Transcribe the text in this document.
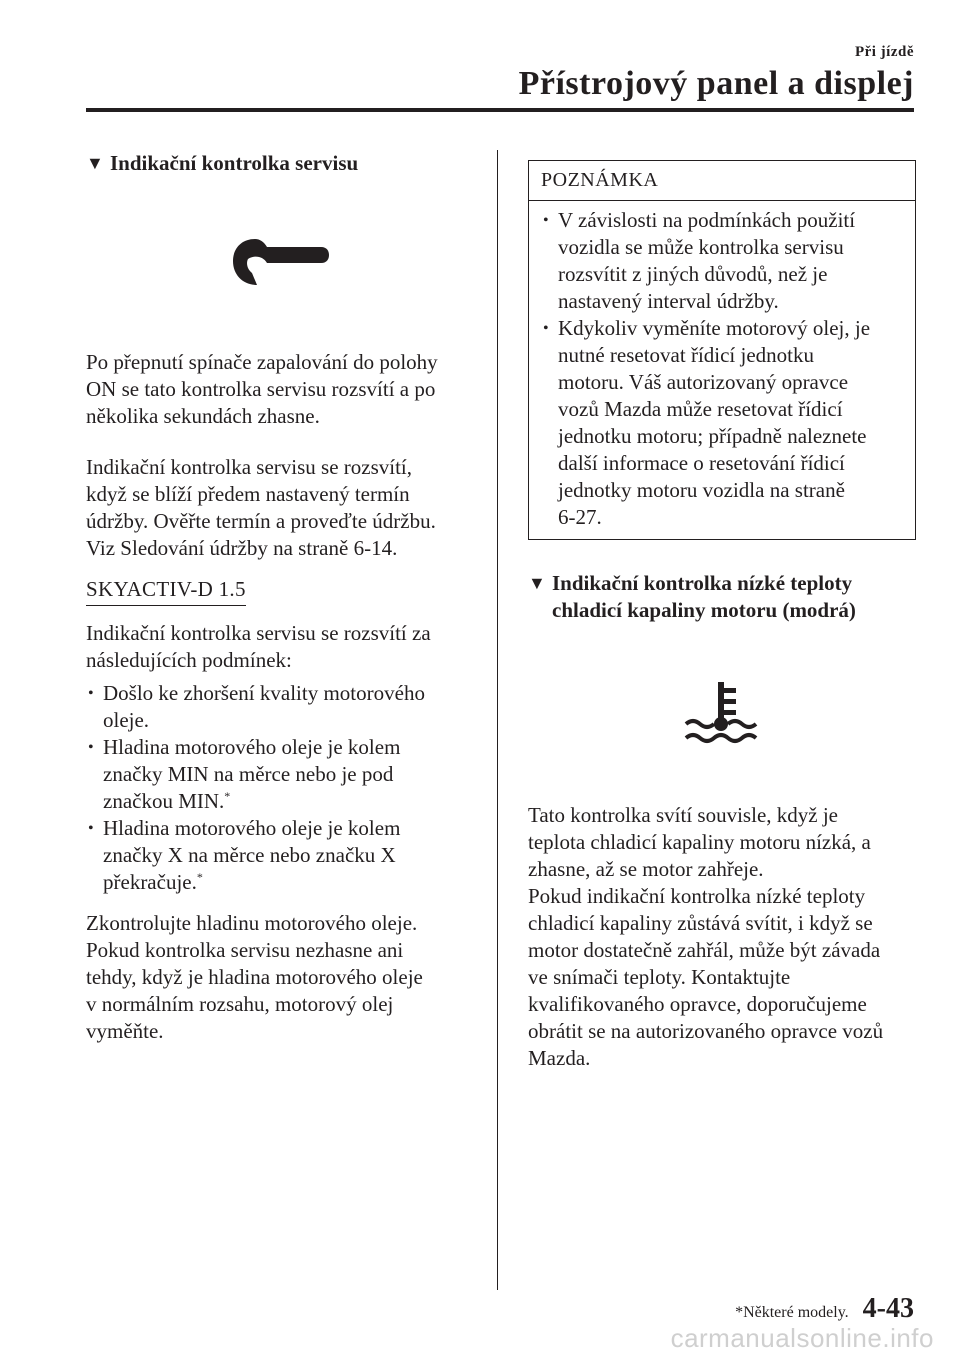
Při jízdě
Přístrojový panel a displej
▼ Indikační kontrolka servisu

Po přepnutí spínače zapalování do polohy
ON se tato kontrolka servisu rozsvítí a po
několika sekundách zhasne.

Indikační kontrolka servisu se rozsvítí,
když se blíží předem nastavený termín
údržby. Ověřte termín a proveďte údržbu.
Viz Sledování údržby na straně 6-14.

SKYACTIV-D 1.5

Indikační kontrolka servisu se rozsvítí za
následujících podmínek:

• Došlo ke zhoršení kvality motorového
oleje.
• Hladina motorového oleje je kolem
značky MIN na měrce nebo je pod
značkou MIN.*
• Hladina motorového oleje je kolem
značky X na měrce nebo značku X
překračuje.*

Zkontrolujte hladinu motorového oleje.
Pokud kontrolka servisu nezhasne ani
tehdy, když je hladina motorového oleje
v normálním rozsahu, motorový olej
vyměňte.

POZNÁMKA
• V závislosti na podmínkách použití
vozidla se může kontrolka servisu
rozsvítit z jiných důvodů, než je
nastavený interval údržby.
• Kdykoliv vyměníte motorový olej, je
nutné resetovat řídicí jednotku
motoru. Váš autorizovaný opravce
vozů Mazda může resetovat řídicí
jednotku motoru; případně naleznete
další informace o resetování řídicí
jednotky motoru vozidla na straně
6-27.
▼ Indikační kontrolka nízké teploty
chladicí kapaliny motoru (modrá)

Tato kontrolka svítí souvisle, když je
teplota chladicí kapaliny motoru nízká, a
zhasne, až se motor zahřeje.
Pokud indikační kontrolka nízké teploty
chladicí kapaliny zůstává svítit, i když se
motor dostatečně zahřál, může být závada
ve snímači teploty. Kontaktujte
kvalifikovaného opravce, doporučujeme
obrátit se na autorizovaného opravce vozů
Mazda.

*Některé modely. 4-43
carmanualsonline.info
